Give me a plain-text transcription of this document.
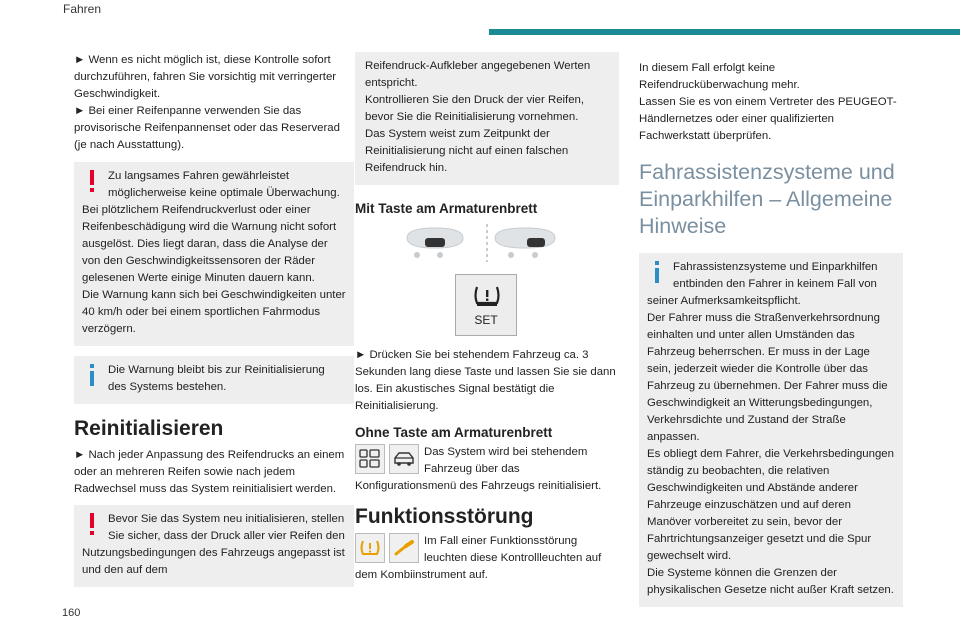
Fahren

► Wenn es nicht möglich ist, diese Kontrolle sofort durchzuführen, fahren Sie vorsichtig mit verringerter Geschwindigkeit.

► Bei einer Reifenpanne verwenden Sie das provisorische Reifenpannenset oder das Reserverad (je nach Ausstattung).

Zu langsames Fahren gewährleistet möglicherweise keine optimale Überwachung.
Bei plötzlichem Reifendruckverlust oder einer Reifenbeschädigung wird die Warnung nicht sofort ausgelöst. Dies liegt daran, dass die Analyse der von den Geschwindigkeitssensoren der Räder gelesenen Werte einige Minuten dauern kann.
Die Warnung kann sich bei Geschwindigkeiten unter 40 km/h oder bei einem sportlichen Fahrmodus verzögern.
Die Warnung bleibt bis zur Reinitialisierung des Systems bestehen.
Reinitialisieren

► Nach jeder Anpassung des Reifendrucks an einem oder an mehreren Reifen sowie nach jedem Radwechsel muss das System reinitialisiert werden.

Bevor Sie das System neu initialisieren, stellen Sie sicher, dass der Druck aller vier Reifen den Nutzungsbedingungen des Fahrzeugs angepasst ist und den auf dem
Reifendruck-Aufkleber angegebenen Werten entspricht.
Kontrollieren Sie den Druck der vier Reifen, bevor Sie die Reinitialisierung vornehmen.
Das System weist zum Zeitpunkt der Reinitialisierung nicht auf einen falschen Reifendruck hin.
Mit Taste am Armaturenbrett
SET

► Drücken Sie bei stehendem Fahrzeug ca. 3 Sekunden lang diese Taste und lassen Sie sie dann los. Ein akustisches Signal bestätigt die Reinitialisierung.

Ohne Taste am Armaturenbrett

Das System wird bei stehendem Fahrzeug über das Konfigurationsmenü des Fahrzeugs reinitialisiert.

Funktionsstörung

Im Fall einer Funktionsstörung leuchten diese Kontrollleuchten auf dem Kombiinstrument auf.

In diesem Fall erfolgt keine Reifendrucküberwachung mehr.

Lassen Sie es von einem Vertreter des PEUGEOT-Händlernetzes oder einer qualifizierten Fachwerkstatt überprüfen.

Fahrassistenzsysteme und Einparkhilfen – Allgemeine Hinweise
Fahrassistenzsysteme und Einparkhilfen entbinden den Fahrer in keinem Fall von seiner Aufmerksamkeitspflicht.
Der Fahrer muss die Straßenverkehrsordnung einhalten und unter allen Umständen das Fahrzeug beherrschen. Er muss in der Lage sein, jederzeit wieder die Kontrolle über das Fahrzeug zu übernehmen. Der Fahrer muss die Geschwindigkeit an Witterungsbedingungen, Verkehrsdichte und Zustand der Straße anpassen.
Es obliegt dem Fahrer, die Verkehrsbedingungen ständig zu beobachten, die relativen Geschwindigkeiten und Abstände anderer Fahrzeuge einzuschätzen und auf deren Manöver vorbereitet zu sein, bevor der Fahrtrichtungsanzeiger gesetzt und die Spur gewechselt wird.
Die Systeme können die Grenzen der physikalischen Gesetze nicht außer Kraft setzen.
160
